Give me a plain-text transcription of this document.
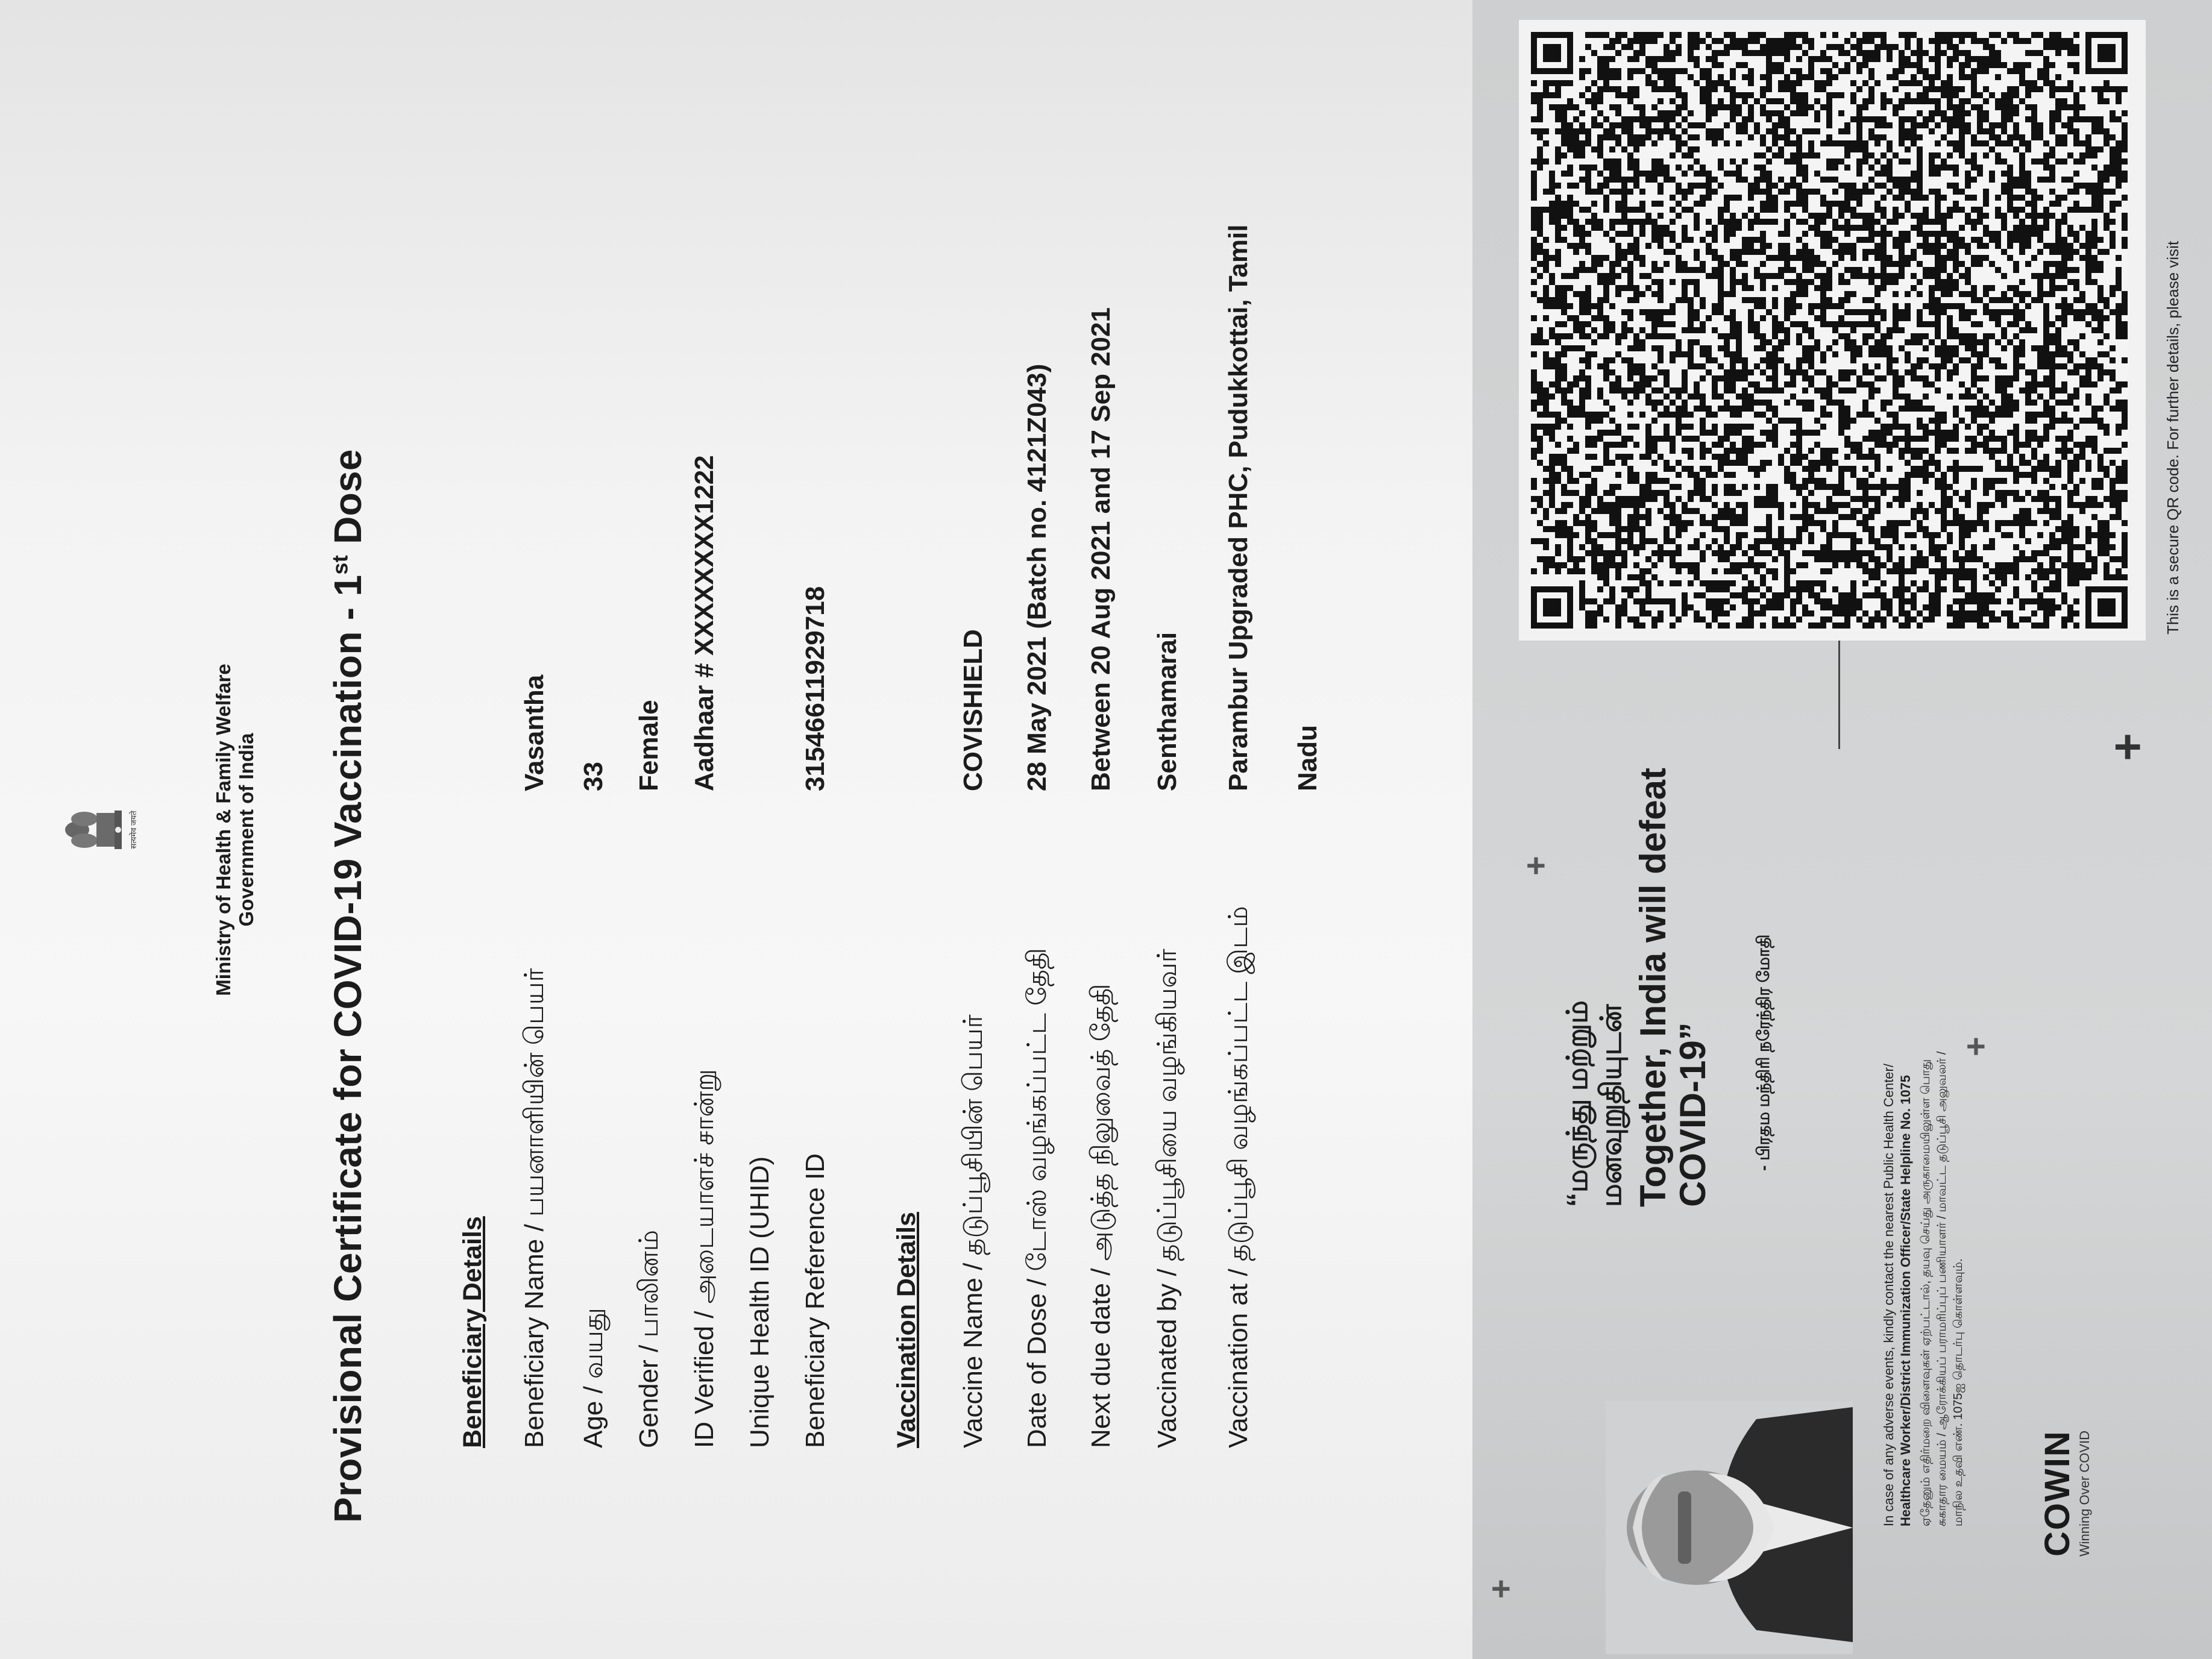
सत्यमेव जयते	Ministry of Health & Family Welfare Government of India Provisional Certificate for COVID-19 Vaccination - 1st Dose
Beneficiary Details Beneficiary Name / பயனாளியின் பெயர்
Vasantha
Age / வயது
33
Gender / பாலினம்
Female
ID Verified / அடையாளச் சான்று
Aadhaar # XXXXXXXX1222
Unique Health ID (UHID) Beneficiary Reference ID
31546611929718
Vaccination Details Vaccine Name / தடுப்பூசியின் பெயர்
COVISHIELD
Date of Dose / டோஸ் வழங்கப்பட்ட தேதி
28 May 2021 (Batch no. 4121Z043)
Next due date / அடுத்த நிலுவைத் தேதி
Between 20 Aug 2021 and 17 Sep 2021
Vaccinated by / தடுப்பூசியை வழங்கியவர்
Senthamarai
Vaccination at / தடுப்பூசி வழங்கப்பட்ட இடம்
Parambur Upgraded PHC, Pudukkottai, Tamil Nadu
“மருந்து மற்றும் மனவுறுதியுடன் Together, India will defeat COVID-19” - பிரதம மந்திரி நரேந்திர மோதி
In case of any adverse events, kindly contact the nearest Public Health Center/ Healthcare Worker/District Immunization Officer/State Helpline No. 1075 ஏதேனும் எதிர்மறை விளைவுகள் ஏற்பட்டால், தயவு செய்து அருகாமையிலுள்ள பொது சுகாதார மையம் / ஆரோக்கியப் பராமரிப்புப் பணியாளர் / மாவட்ட தடுப்பூசி அலுவலர் / மாநில உதவி எண். 1075ஐ தொடர்பு கொள்ளவும். COWIN Winning Over COVID
This is a secure QR code. For further details, please visit
+
+
+
+
